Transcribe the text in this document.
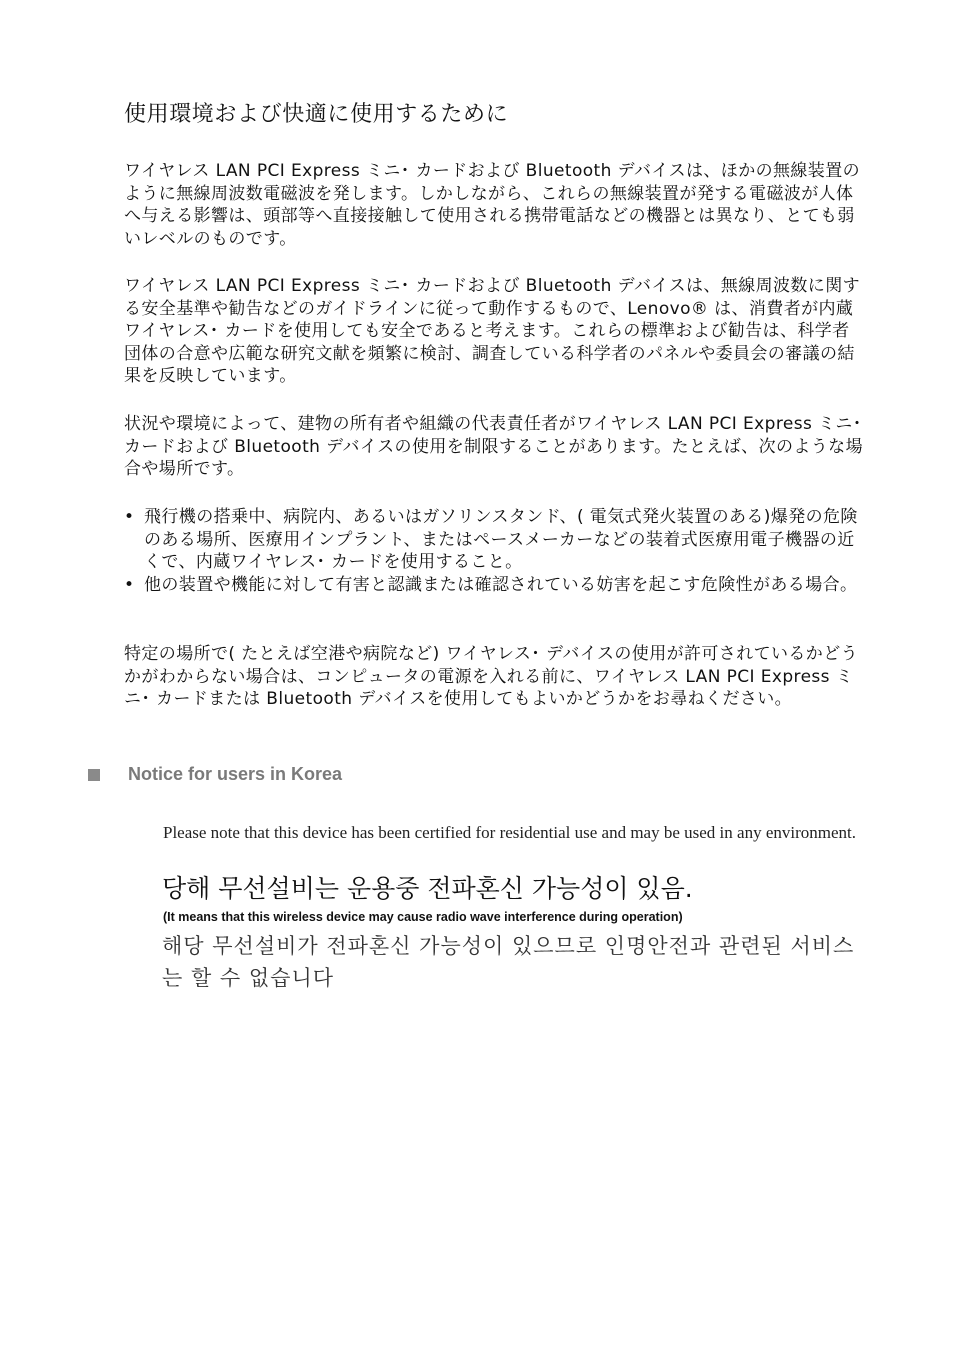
使用環境および快適に使用するために

ワイヤレス LAN PCI Express ミニ･ カードおよび Bluetooth デバイスは、ほかの無線装置のように無線周波数電磁波を発します。しかしながら、これらの無線装置が発する電磁波が人体へ与える影響は、頭部等へ直接接触して使用される携帯電話などの機器とは異なり、とても弱いレベルのものです。

ワイヤレス LAN PCI Express ミニ･ カードおよび Bluetooth デバイスは、無線周波数に関する安全基準や勧告などのガイドラインに従って動作するもので、Lenovo® は、消費者が内蔵ワイヤレス･ カードを使用しても安全であると考えます。これらの標準および勧告は、科学者団体の合意や広範な研究文献を頻繁に検討、調査している科学者のパネルや委員会の審議の結果を反映しています。

状況や環境によって、建物の所有者や組織の代表責任者がワイヤレス LAN PCI Express ミニ･ カードおよび Bluetooth デバイスの使用を制限することがあります。たとえば、次のような場合や場所です。

• 飛行機の搭乗中、病院内、あるいはガソリンスタンド、( 電気式発火装置のある)爆発の危険のある場所、医療用インプラント、またはペースメーカーなどの装着式医療用電子機器の近くで、内蔵ワイヤレス･ カードを使用すること。
• 他の装置や機能に対して有害と認識または確認されている妨害を起こす危険性がある場合。

特定の場所で( たとえば空港や病院など) ワイヤレス･ デバイスの使用が許可されているかどうかがわからない場合は、コンピュータの電源を入れる前に、ワイヤレス LAN PCI Express ミニ･ カードまたは Bluetooth デバイスを使用してもよいかどうかをお尋ねください。

Notice for users in Korea

Please note that this device has been certified for residential use and may be used in any environment.

당해 무선설비는 운용중 전파혼신 가능성이 있음.

(It means that this wireless device may cause radio wave interference during operation)

해당 무선설비가 전파혼신 가능성이 있으므로 인명안전과 관련된 서비스는 할 수 없습니다
